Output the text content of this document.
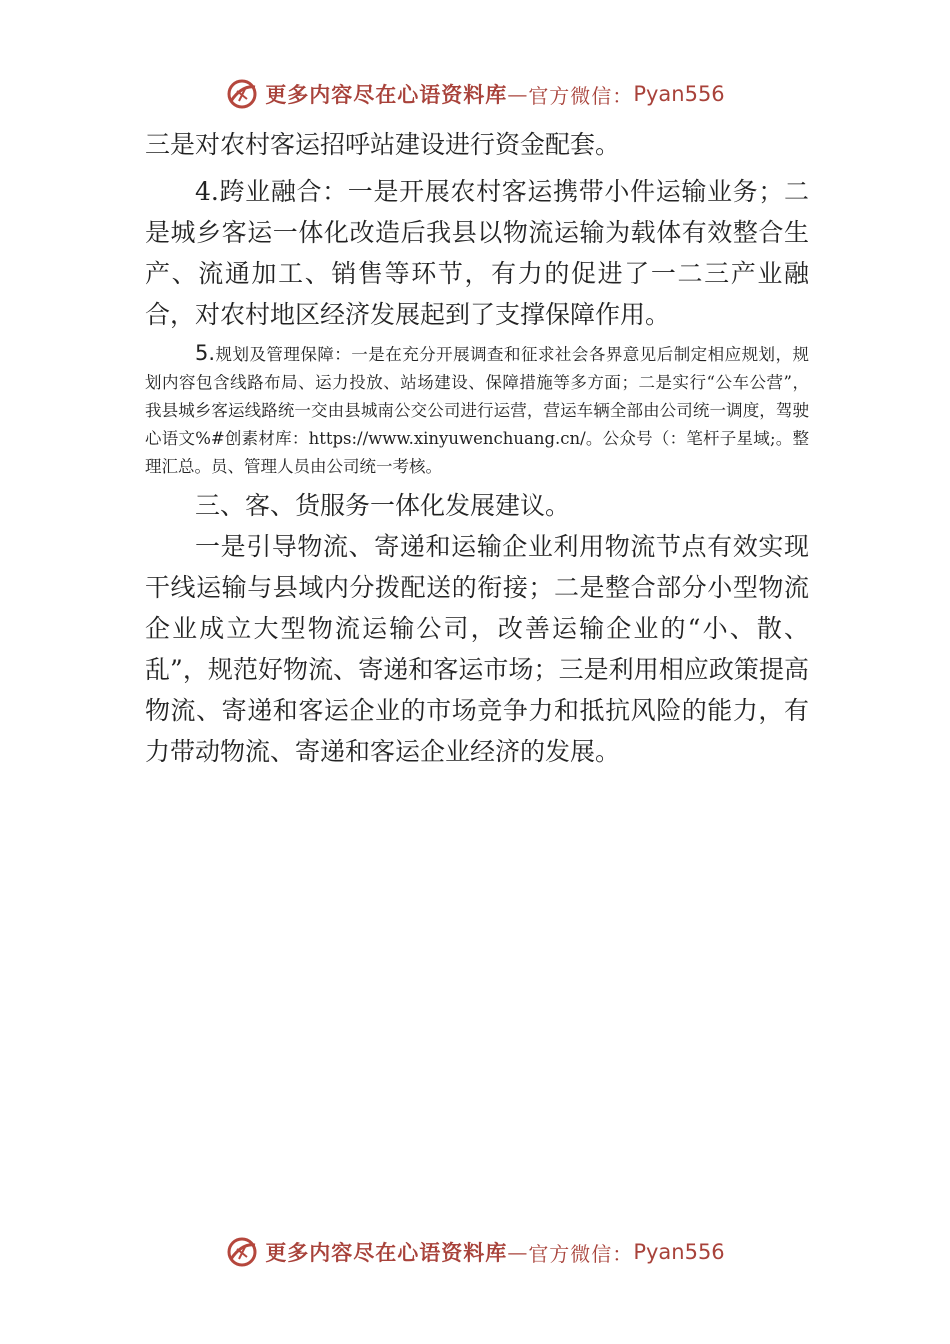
更多内容尽在心语资料库 — 官方微信： Pyan556

三是对农村客运招呼站建设进行资金配套。

4.跨业融合：一是开展农村客运携带小件运输业务；二是城乡客运一体化改造后我县以物流运输为载体有效整合生产、流通加工、销售等环节，有力的促进了一二三产业融合，对农村地区经济发展起到了支撑保障作用。

5.规划及管理保障：一是在充分开展调查和征求社会各界意见后制定相应规划，规划内容包含线路布局、运力投放、站场建设、保障措施等多方面；二是实行“公车公营”， 我县城乡客运线路统一交由县城南公交公司进行运营，营运车辆全部由公司统一调度，驾驶心语文%#创素材库：https://www.xinyuwenchuang.cn/。公众号（：笔杆子星域;。整理汇总。员、管理人员由公司统一考核。

三、客、货服务一体化发展建议。

一是引导物流、寄递和运输企业利用物流节点有效实现干线运输与县域内分拨配送的衔接；二是整合部分小型物流企业成立大型物流运输公司，改善运输企业的“小、散、乱”，规范好物流、寄递和客运市场；三是利用相应政策提高物流、寄递和客运企业的市场竞争力和抵抗风险的能力，有力带动物流、寄递和客运企业经济的发展。

更多内容尽在心语资料库 — 官方微信： Pyan556
